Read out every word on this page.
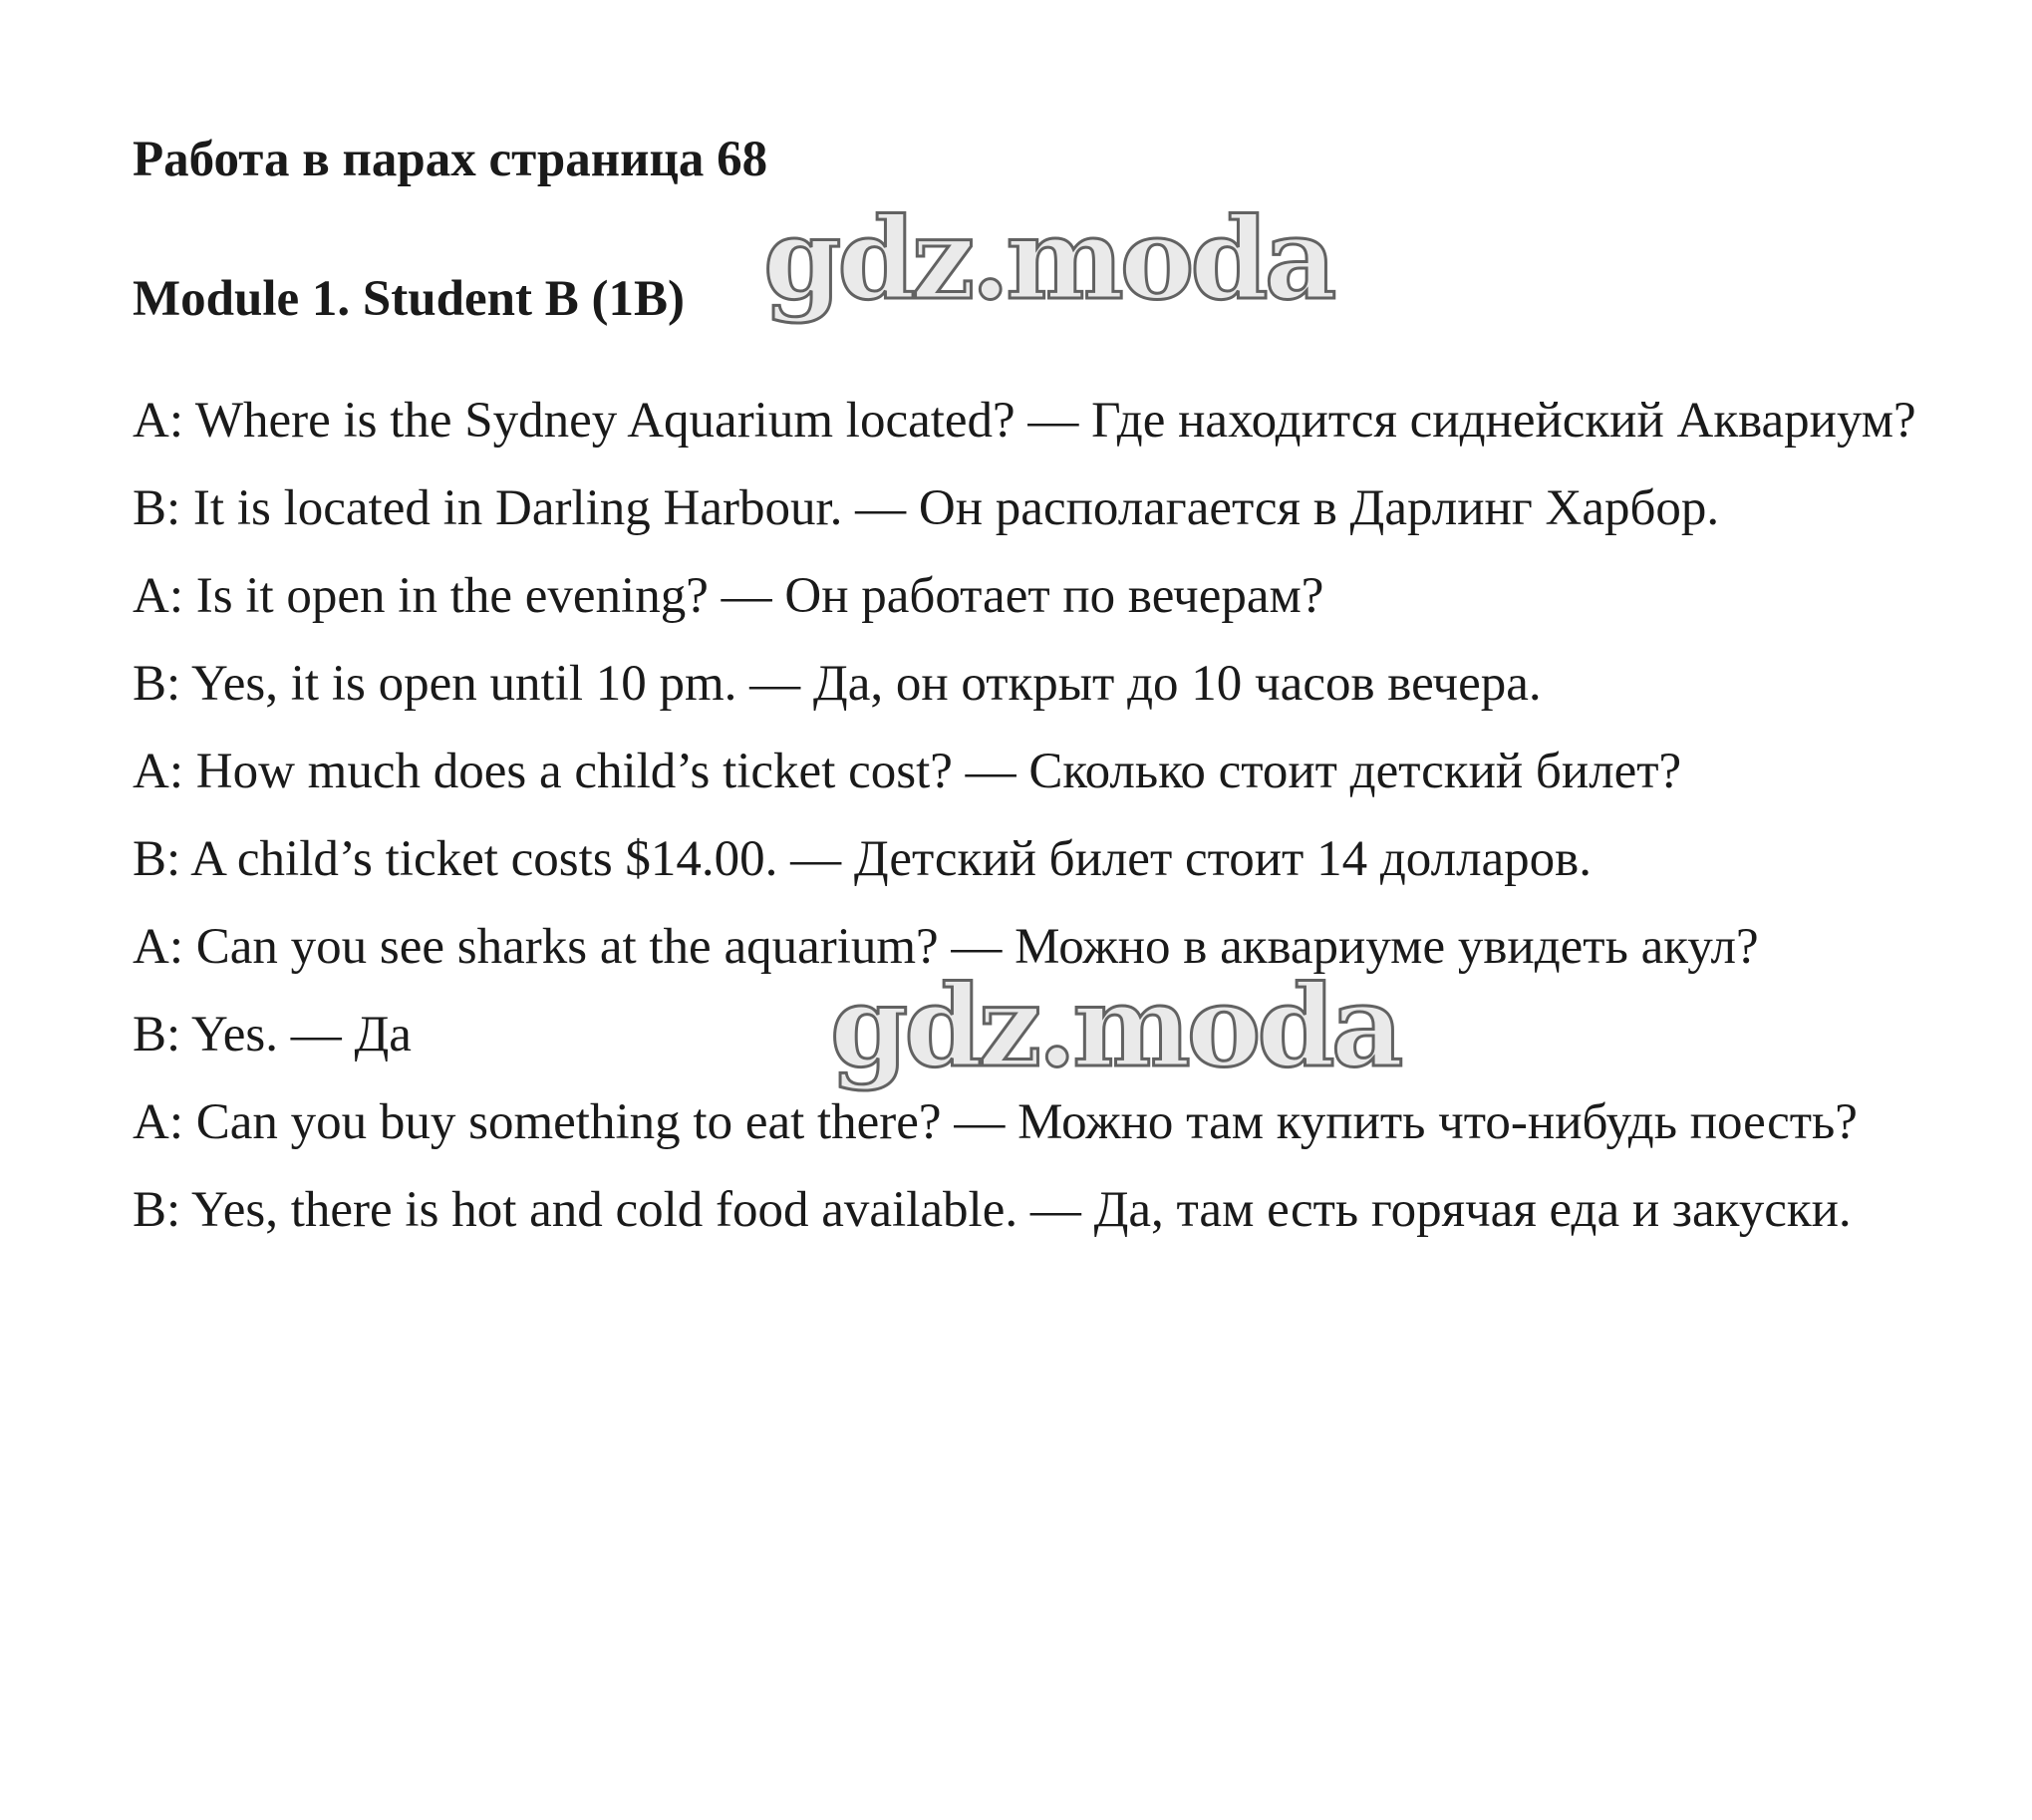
Работа в парах страница 68
Module 1. Student B (1B)

A: Where is the Sydney Aquarium located? — Где находится сиднейский Аквариум?

B: It is located in Darling Harbour. — Он располагается в Дарлинг Харбор.

A: Is it open in the evening? — Он работает по вечерам?

B: Yes, it is open until 10 pm. — Да, он открыт до 10 часов вечера.

A: How much does a child’s ticket cost? — Сколько стоит детский билет?

B: A child’s ticket costs $14.00. — Детский билет стоит 14 долларов.

A: Can you see sharks at the aquarium? — Можно в аквариуме увидеть акул?

B: Yes. — Да

A: Can you buy something to eat there? — Можно там купить что-нибудь поесть?

B: Yes, there is hot and cold food available. — Да, там есть горячая еда и закуски.

gdz.moda
gdz.moda
